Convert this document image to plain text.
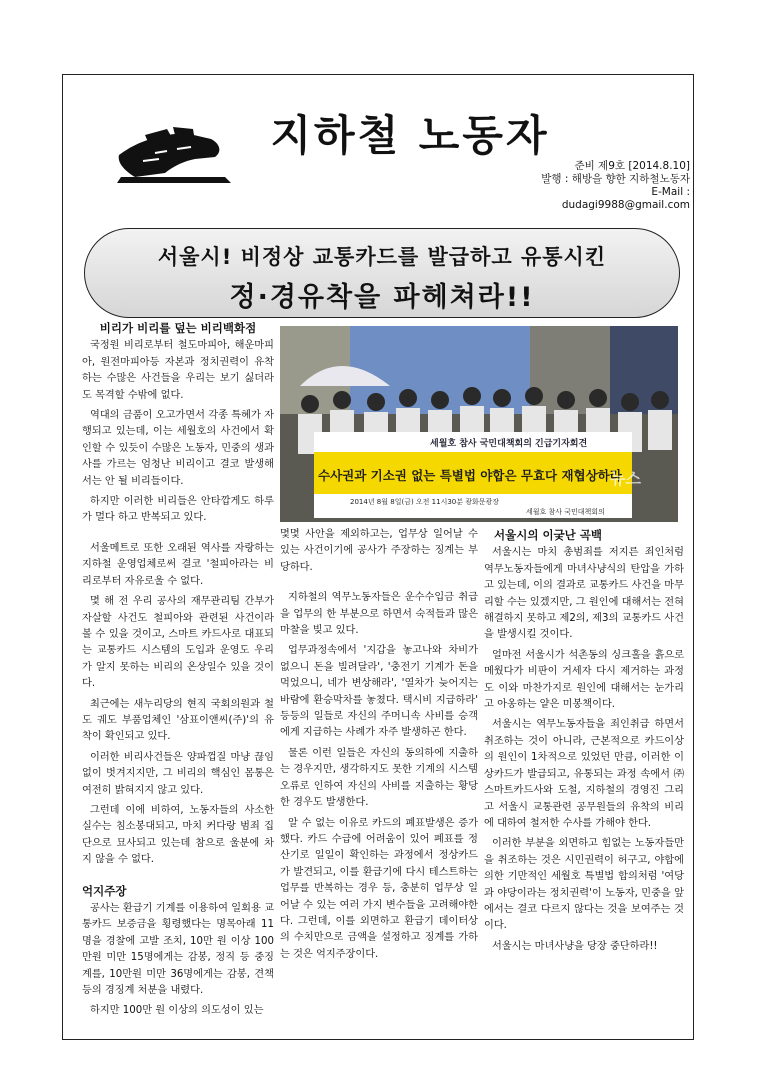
지하철 노동자
준비 제9호 [2014.8.10]
발행 : 해방을 향한 지하철노동자
E-Mail : dudagi9988@gmail.com
서울시! 비정상 교통카드를 발급하고 유통시킨
정·경유착을 파헤쳐라!!
세월호 참사 국민대책회의 긴급기자회견
수사권과 기소권 없는 특별법 야합은 무효다 재협상하라
2014년 8월 8일(금) 오전 11시30분 광화문광장
세월호 참사 국민대책회의
뉴스

비리가 비리를 덮는 비리백화점

국정원 비리로부터 철도마피아, 해운마피아, 원전마피아등 자본과 정치권력이 유착하는 수많은 사건들을 우리는 보기 싫더라도 목격할 수밖에 없다.

역대의 금품이 오고가면서 각종 특혜가 자행되고 있는데, 이는 세월호의 사건에서 확인할 수 있듯이 수많은 노동자, 민중의 생과 사를 가르는 엄청난 비리이고 결코 발생해서는 안 될 비리들이다.

하지만 이러한 비리들은 안타깝게도 하루가 멀다 하고 반복되고 있다.

서울메트로 또한 오래된 역사를 자랑하는 지하철 운영업체로써 결코 '철피아라는 비리로부터 자유로울 수 없다.

몇 해 전 우리 공사의 재무관리팀 간부가 자살할 사건도 철피아와 관련된 사건이라 볼 수 있을 것이고, 스마트 카드사로 대표되는 교통카드 시스템의 도입과 운영도 우리가 알지 못하는 비리의 온상일수 있을 것이다.

최근에는 새누리당의 현직 국회의원과 철도 궤도 부품업체인 '삼표이앤씨(주)'의 유착이 확인되고 있다.

이러한 비리사건들은 양파껍질 마냥 끊임없이 벗겨지지만, 그 비리의 핵심인 몸통은 여전히 밝혀지지 않고 있다.

그런데 이에 비하여, 노동자들의 사소한 실수는 침소봉대되고, 마치 커다랑 범죄 집단으로 묘사되고 있는데 참으로 울분에 차지 않을 수 없다.

억지주장

공사는 환급기 기계를 이용하여 일회용 교통카드 보증금을 횡령했다는 명목아래 11명을 경찰에 고발 조치, 10만 원 이상 100만원 미만 15명에게는 감봉, 정직 등 중징계를, 10만원 미만 36명에게는 감봉, 견책 등의 경징계 처분을 내렸다.

하지만 100만 원 이상의 의도성이 있는

몇몇 사안을 제외하고는, 업무상 일어날 수 있는 사건이기에 공사가 주장하는 징계는 부당하다.

지하철의 역무노동자들은 운수수입금 취급을 업무의 한 부분으로 하면서 숙적들과 많은 마찰을 빚고 있다.

업무과정속에서 '지갑을 놓고나와 차비가 없으니 돈을 빌려달라', '충전기 기계가 돈을 먹었으니, 네가 변상해라', '열차가 늦어지는 바람에 환승막차를 놓쳤다. 택시비 지급하라' 등등의 일들로 자신의 주머니속 사비를 승객에게 지급하는 사례가 자주 발생하곤 한다.

물론 이런 일들은 자신의 동의하에 지출하는 경우지만, 생각하지도 못한 기계의 시스템 오류로 인하여 자신의 사비를 지출하는 황당한 경우도 발생한다.

알 수 없는 이유로 카드의 폐표발생은 증가했다. 카드 수급에 어려움이 있어 폐표를 정산기로 일일이 확인하는 과정에서 정상카드가 발견되고, 이를 환급기에 다시 테스트하는 업무를 반복하는 경우 등, 충분히 업무상 일어날 수 있는 여러 가지 변수들을 고려해야한다. 그런데, 이를 외면하고 환급기 데이터상의 수치만으로 금액을 설정하고 징계를 가하는 것은 억지주장이다.

서울시의 이궂난 곡백

서울시는 마치 총범죄를 저지른 죄인처럼 역무노동자들에게 마녀사냥식의 탄압을 가하고 있는데, 이의 결과로 교통카드 사건을 마무리할 수는 있겠지만, 그 원인에 대해서는 전혀 해결하지 못하고 제2의, 제3의 교통카드 사건을 발생시킬 것이다.

얼마전 서울시가 석촌동의 싱크홀을 흙으로 메웠다가 비판이 거세자 다시 제거하는 과정도 이와 마찬가지로 원인에 대해서는 눈가리고 아옹하는 얕은 미봉책이다.

서울시는 역무노동자들을 죄인취급 하면서 취조하는 것이 아니라, 근본적으로 카드이상의 원인이 1차적으로 있었던 만큼, 이러한 이상카드가 발급되고, 유통되는 과정 속에서 ㈜스마트카드사와 도철, 지하철의 경영진 그리고 서울시 교통관련 공무원들의 유착의 비리에 대하여 철저한 수사를 가해야 한다.

이러한 부분을 외면하고 힘없는 노동자들만을 취조하는 것은 시민권력이 허구고, 야합에 의한 기만적인 세월호 특별법 합의처럼 '여당과 야당이라는 정치권력'이 노동자, 민중을 앞에서는 결코 다르지 않다는 것을 보여주는 것이다.

서울시는 마녀사냥을 당장 중단하라!!
